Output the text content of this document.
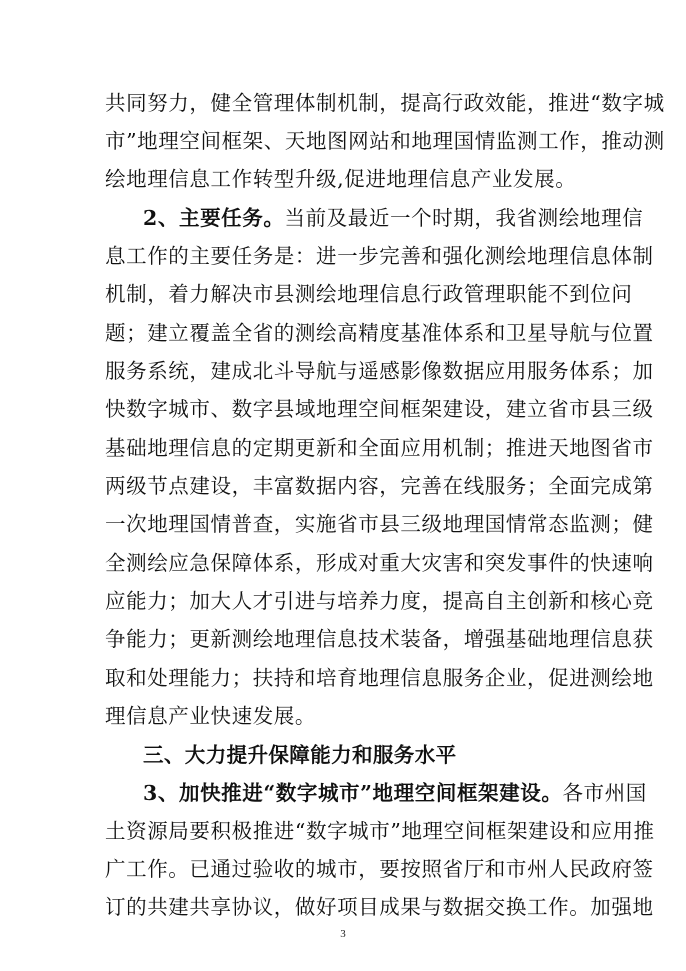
共同努力，健全管理体制机制，提高行政效能，推进“数字城
市”地理空间框架、天地图网站和地理国情监测工作，推动测
绘地理信息工作转型升级,促进地理信息产业发展。
2、主要任务。当前及最近一个时期，我省测绘地理信
息工作的主要任务是：进一步完善和强化测绘地理信息体制
机制，着力解决市县测绘地理信息行政管理职能不到位问
题；建立覆盖全省的测绘高精度基准体系和卫星导航与位置
服务系统，建成北斗导航与遥感影像数据应用服务体系；加
快数字城市、数字县域地理空间框架建设，建立省市县三级
基础地理信息的定期更新和全面应用机制；推进天地图省市
两级节点建设，丰富数据内容，完善在线服务；全面完成第
一次地理国情普查，实施省市县三级地理国情常态监测；健
全测绘应急保障体系，形成对重大灾害和突发事件的快速响
应能力；加大人才引进与培养力度，提高自主创新和核心竞
争能力；更新测绘地理信息技术装备，增强基础地理信息获
取和处理能力；扶持和培育地理信息服务企业，促进测绘地
理信息产业快速发展。
三、大力提升保障能力和服务水平
3、加快推进“数字城市”地理空间框架建设。各市州国
土资源局要积极推进“数字城市”地理空间框架建设和应用推
广工作。已通过验收的城市，要按照省厅和市州人民政府签
订的共建共享协议，做好项目成果与数据交换工作。加强地
3
